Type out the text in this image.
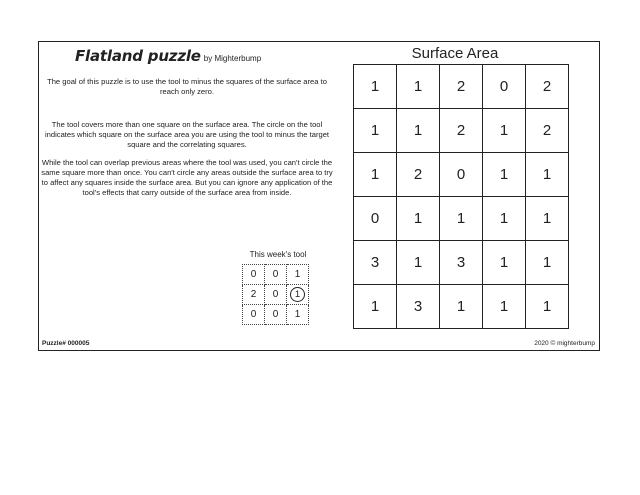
Flatland puzzle by Mighterbump
The goal of this puzzle is to use the tool to minus the squares of the surface area to reach only zero.
The tool covers more than one square on the surface area. The circle on the tool indicates which square on the surface area you are using the tool to minus the target square and the correlating squares.
While the tool can overlap previous areas where the tool was used, you can't circle the same square more than once. You can't circle any areas outside the surface area to try to affect any squares inside the surface area. But you can ignore any application of the tool's effects that carry outside of the surface area from inside.
This week's tool
0	0	1
2	0	1
0	0	1
Surface Area
1	1	2	0	2
1	1	2	1	2
1	2	0	1	1
0	1	1	1	1
3	1	3	1	1
1	3	1	1	1
Puzzle# 000005	2020 © mighterbump
